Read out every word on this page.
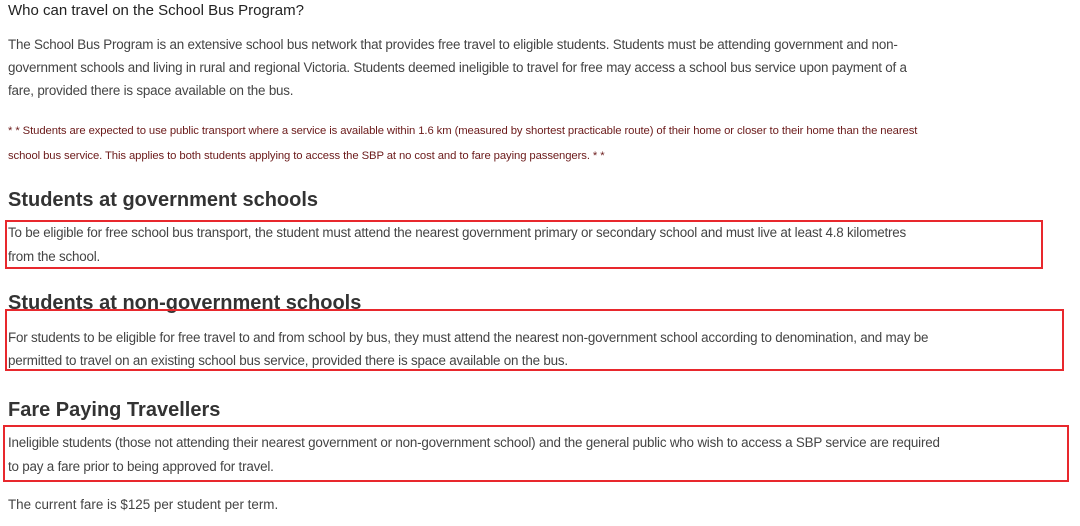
Who can travel on the School Bus Program?
The School Bus Program is an extensive school bus network that provides free travel to eligible students. Students must be attending government and non-
government schools and living in rural and regional Victoria. Students deemed ineligible to travel for free may access a school bus service upon payment of a
fare, provided there is space available on the bus.
* * Students are expected to use public transport where a service is available within 1.6 km (measured by shortest practicable route) of their home or closer to their home than the nearest
school bus service. This applies to both students applying to access the SBP at no cost and to fare paying passengers. * *
Students at government schools
To be eligible for free school bus transport, the student must attend the nearest government primary or secondary school and must live at least 4.8 kilometres
from the school.
Students at non-government schools
For students to be eligible for free travel to and from school by bus, they must attend the nearest non-government school according to denomination, and may be
permitted to travel on an existing school bus service, provided there is space available on the bus.
Fare Paying Travellers
Ineligible students (those not attending their nearest government or non-government school) and the general public who wish to access a SBP service are required
to pay a fare prior to being approved for travel.
The current fare is $125 per student per term.
